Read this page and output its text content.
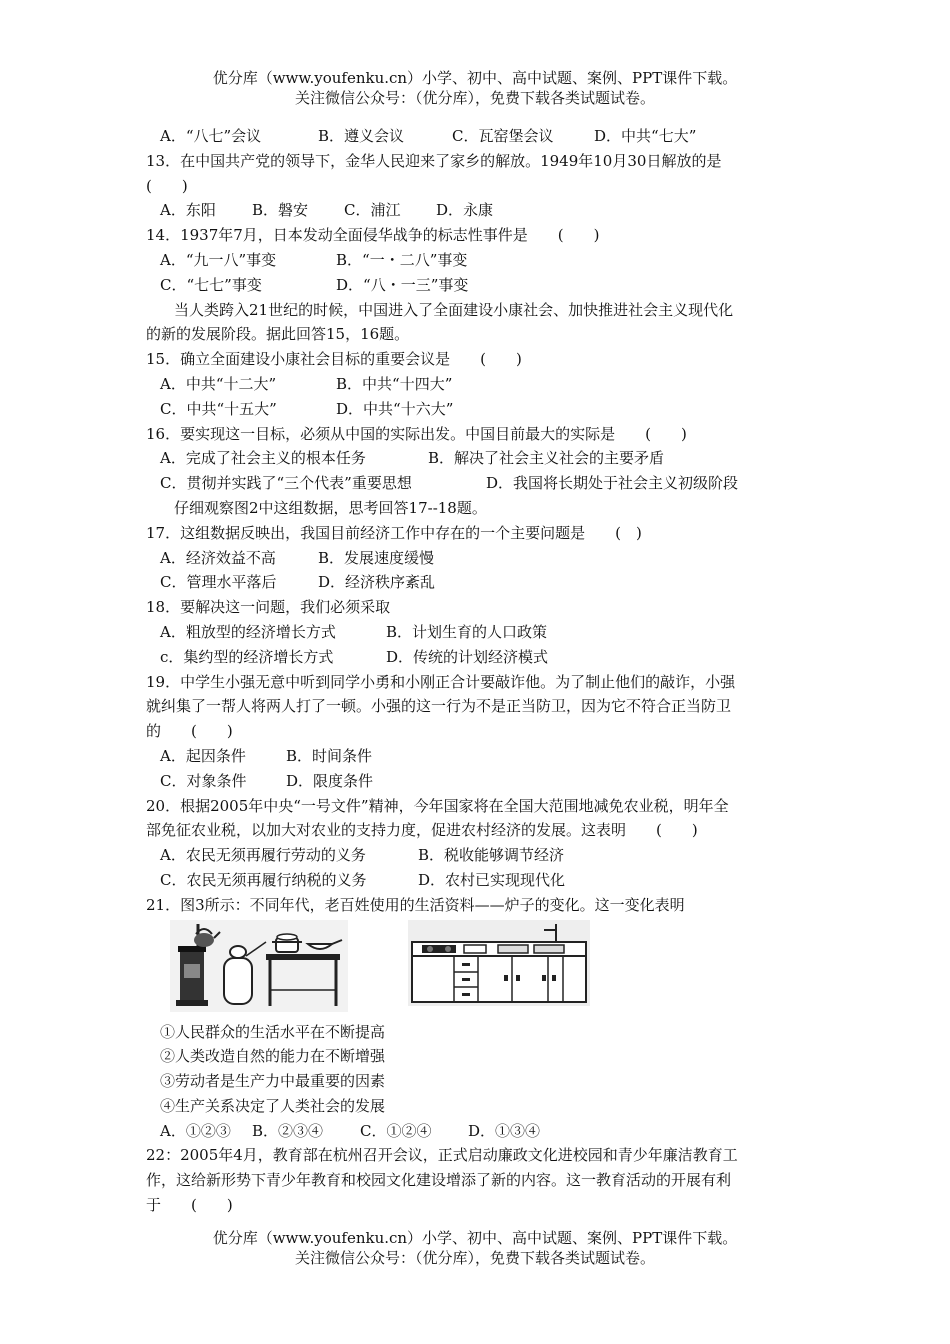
优分库（www.youfenku.cn）小学、初中、高中试题、案例、PPT课件下载。
关注微信公众号：（优分库），免费下载各类试题试卷。
A．“八七”会议	B．遵义会议	C．瓦窑堡会议	D．中共“七大”
13．在中国共产党的领导下，金华人民迎来了家乡的解放。1949年10月30日解放的是
(　　)
A．东阳 B．磐安 C．浦江 D．永康
14．1937年7月，日本发动全面侵华战争的标志性事件是　　(　　)
A．“九一八”事变	B．“一・二八”事变
C．“七七”事变	D．“八・一三”事变
当人类跨入21世纪的时候，中国进入了全面建设小康社会、加快推进社会主义现代化
的新的发展阶段。据此回答15，16题。
15．确立全面建设小康社会目标的重要会议是　　(　　)
A．中共“十二大”	B．中共“十四大”
C．中共“十五大”	D．中共“十六大”
16．要实现这一目标，必须从中国的实际出发。中国目前最大的实际是　　(　　)
A．完成了社会主义的根本任务	B．解决了社会主义社会的主要矛盾
C．贯彻并实践了“三个代表”重要思想	D．我国将长期处于社会主义初级阶段
仔细观察图2中这组数据，思考回答17--18题。
17．这组数据反映出，我国目前经济工作中存在的一个主要问题是　　(　)
A．经济效益不高	B．发展速度缓慢
C．管理水平落后	D．经济秩序紊乱
18．要解决这一问题，我们必须采取
A．粗放型的经济增长方式	B．计划生育的人口政策
c．集约型的经济增长方式	D．传统的计划经济模式
19．中学生小强无意中听到同学小勇和小刚正合计要敲诈他。为了制止他们的敲诈，小强
就纠集了一帮人将两人打了一顿。小强的这一行为不是正当防卫，因为它不符合正当防卫
的　　(　　)
A．起因条件	B．时间条件
C．对象条件	D．限度条件
20．根据2005年中央“一号文件”精神，今年国家将在全国大范围地减免农业税，明年全
部免征农业税，以加大对农业的支持力度，促进农村经济的发展。这表明　　(　　)
A．农民无须再履行劳动的义务	B．税收能够调节经济
C．农民无须再履行纳税的义务	D．农村已实现现代化
21．图3所示：不同年代，老百姓使用的生活资料——炉子的变化。这一变化表明
①人民群众的生活水平在不断提高
②人类改造自然的能力在不断增强
③劳动者是生产力中最重要的因素
④生产关系决定了人类社会的发展
A．①②③ B．②③④ C．①②④ D．①③④
22：2005年4月，教育部在杭州召开会议，正式启动廉政文化进校园和青少年廉洁教育工
作，这给新形势下青少年教育和校园文化建设增添了新的内容。这一教育活动的开展有利
于　　(　　)
优分库（www.youfenku.cn）小学、初中、高中试题、案例、PPT课件下载。
关注微信公众号：（优分库），免费下载各类试题试卷。
